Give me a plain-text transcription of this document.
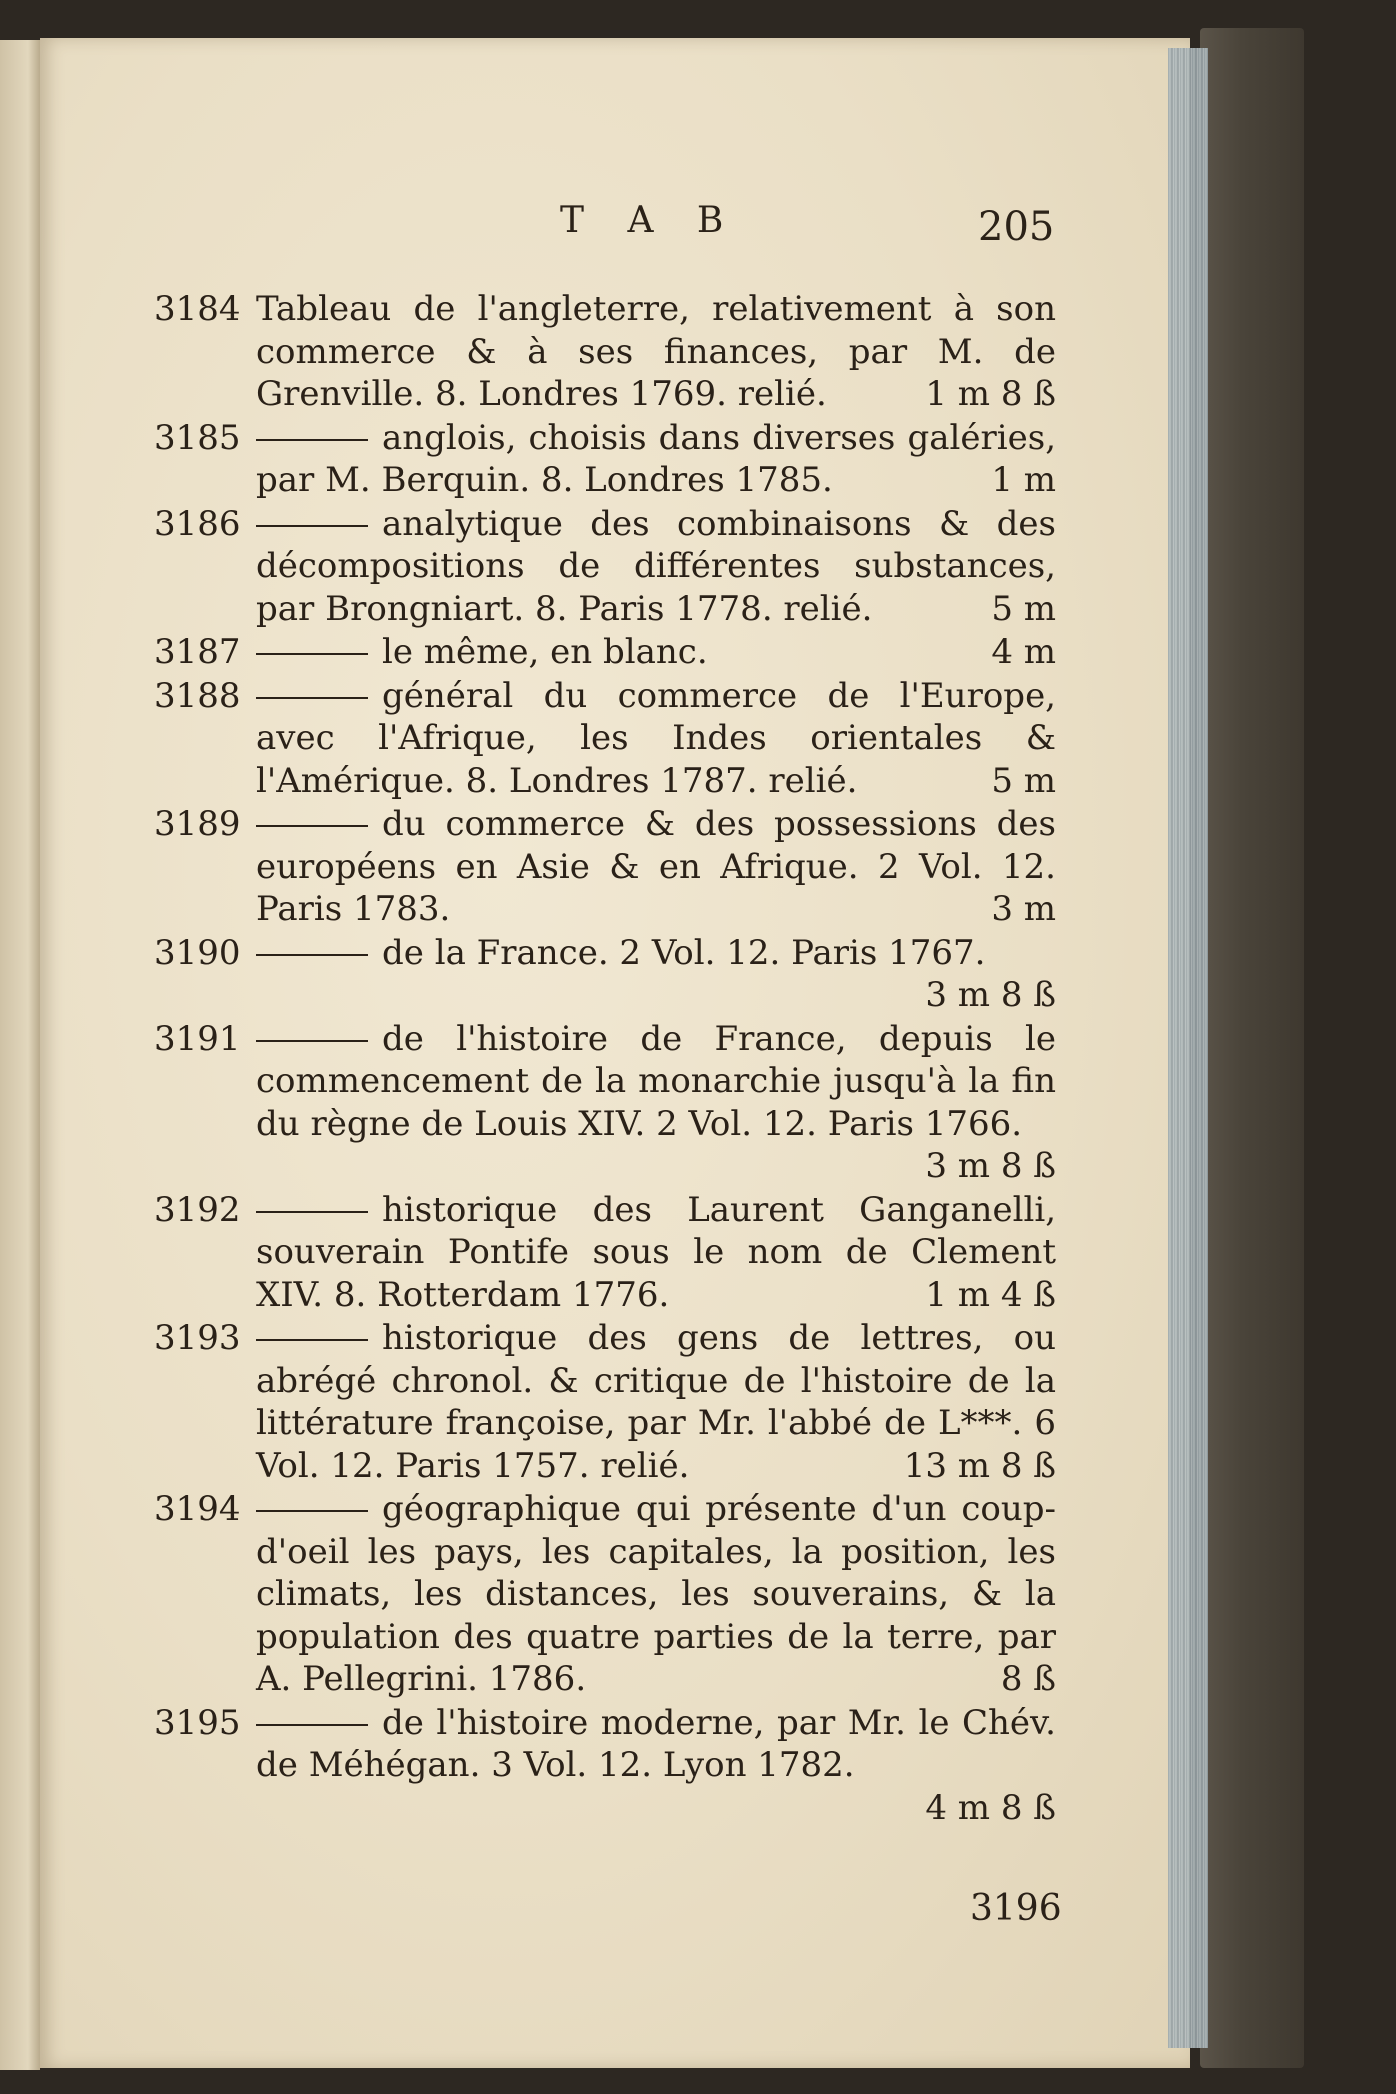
T A B	205
3184 Tableau de l'angleterre, relativement à son commerce & à ses finances, par M. de Grenville. 8. Londres 1769. relié.	1 m 8 ß
3185	anglois, choisis dans diverses galéries, par M. Berquin. 8. Londres 1785.	1 m
3186	analytique des combinaisons & des décompositions de différentes substances, par Brongniart. 8. Paris 1778. relié.	5 m
3187	le même, en blanc.	4 m
3188	général du commerce de l'Europe, avec l'Afrique, les Indes orientales & l'Amérique. 8. Londres 1787. relié.	5 m
3189	du commerce & des possessions des européens en Asie & en Afrique. 2 Vol. 12. Paris 1783.	3 m
3190	de la France. 2 Vol. 12. Paris 1767.
3 m 8 ß
3191	de l'histoire de France, depuis le commencement de la monarchie jusqu'à la fin du règne de Louis XIV. 2 Vol. 12. Paris 1766.
3 m 8 ß
3192	historique des Laurent Ganganelli, souverain Pontife sous le nom de Clement XIV. 8. Rotterdam 1776.	1 m 4 ß
3193	historique des gens de lettres, ou abrégé chronol. & critique de l'histoire de la littérature françoise, par Mr. l'abbé de L***. 6 Vol. 12. Paris 1757. relié.	13 m 8 ß
3194	géographique qui présente d'un coup-d'oeil les pays, les capitales, la position, les climats, les distances, les souverains, & la population des quatre parties de la terre, par A. Pellegrini. 1786.	8 ß
3195	de l'histoire moderne, par Mr. le Chév. de Méhégan. 3 Vol. 12. Lyon 1782.
4 m 8 ß
3196
